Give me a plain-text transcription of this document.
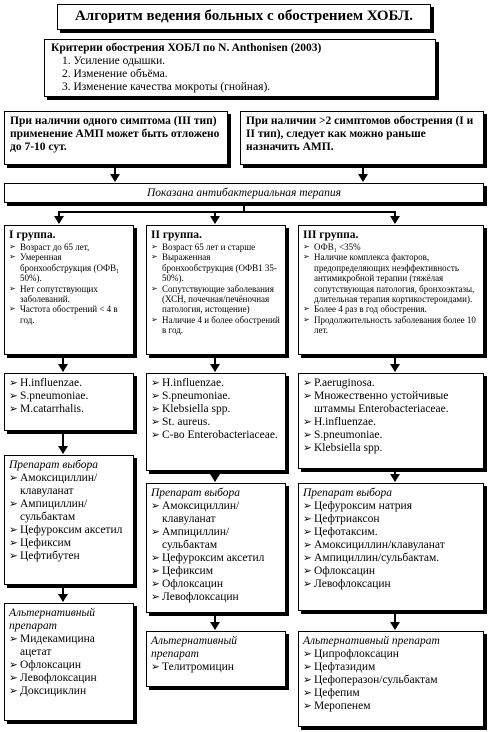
Алгоритм ведения больных с обострением ХОБЛ.
Критерии обострения ХОБЛ по N. Anthonisen (2003)
1. Усиление одышки.
2. Изменение объёма.
3. Изменение качества мокроты (гнойная).
При наличии одного симптома (III тип) применение АМП может быть отложено до 7-10 сут.
При наличии >2 симптомов обострения (I и II тип), следует как можно раньше назначить АМП.
Показана антибактериальная терапия
I группа.
➢ Возраст до 65 лет,
➢ Умеренная бронхообструкция (ОФВ₁ 50%).
➢ Нет сопутствующих заболеваний.
➢ Частота обострений < 4 в год.
➢ H.influenzae.
➢ S.pneumoniae.
➢ M.catarrhalis.
Препарат выбора
➢ Амоксициллин/клавуланат
➢ Ампициллин/сульбактам
➢ Цефуроксим аксетил
➢ Цефиксим
➢ Цефтибутен
Альтернативный препарат
➢ Мидекамицина ацетат
➢ Офлоксацин
➢ Левофлоксацин
➢ Доксициклин
II группа.
➢ Возраст 65 лет и старше
➢ Выраженная бронхообструкция (ОФВ1 35-50%).
➢ Сопутствующие заболевания (ХСН, почечная/печёночная патология, истощение)
➢ Наличие 4 и более обострений в год.
➢ H.influenzae.
➢ S.pneumoniae.
➢ Klebsiella spp.
➢ St. aureus.
➢ С-во Enterobacteriaceae.
Препарат выбора
➢ Амоксициллин/клавуланат
➢ Ампициллин/сульбактам
➢ Цефуроксим аксетил
➢ Цефиксим
➢ Офлоксацин
➢ Левофлоксацин
Альтернативный препарат
➢ Телитромицин
III группа.
➢ ОФВ₁ <35%
➢ Наличие комплекса факторов, предопределяющих неэффективность антимикробной терапии (тяжёлая сопутствующая патология, бронхоэктазы, длительная терапия кортикостероидами).
➢ Более 4 раз в год обострения.
➢ Продолжительность заболевания более 10 лет.
➢ P.aeruginosa.
➢ Множественно устойчивые штаммы Enterobacteriaceae.
➢ H.influenzae.
➢ S.pneumoniae.
➢ Klebsiella spp.
Препарат выбора
➢ Цефуроксим натрия
➢ Цефтриаксон
➢ Цефотаксим.
➢ Амоксициллин/клавуланат
➢ Ампициллин/сульбактам.
➢ Офлоксацин
➢ Левофлоксацин
Альтернативный препарат
➢ Ципрофлоксацин
➢ Цефтазидим
➢ Цефоперазон/сульбактам
➢ Цефепим
➢ Меропенем
